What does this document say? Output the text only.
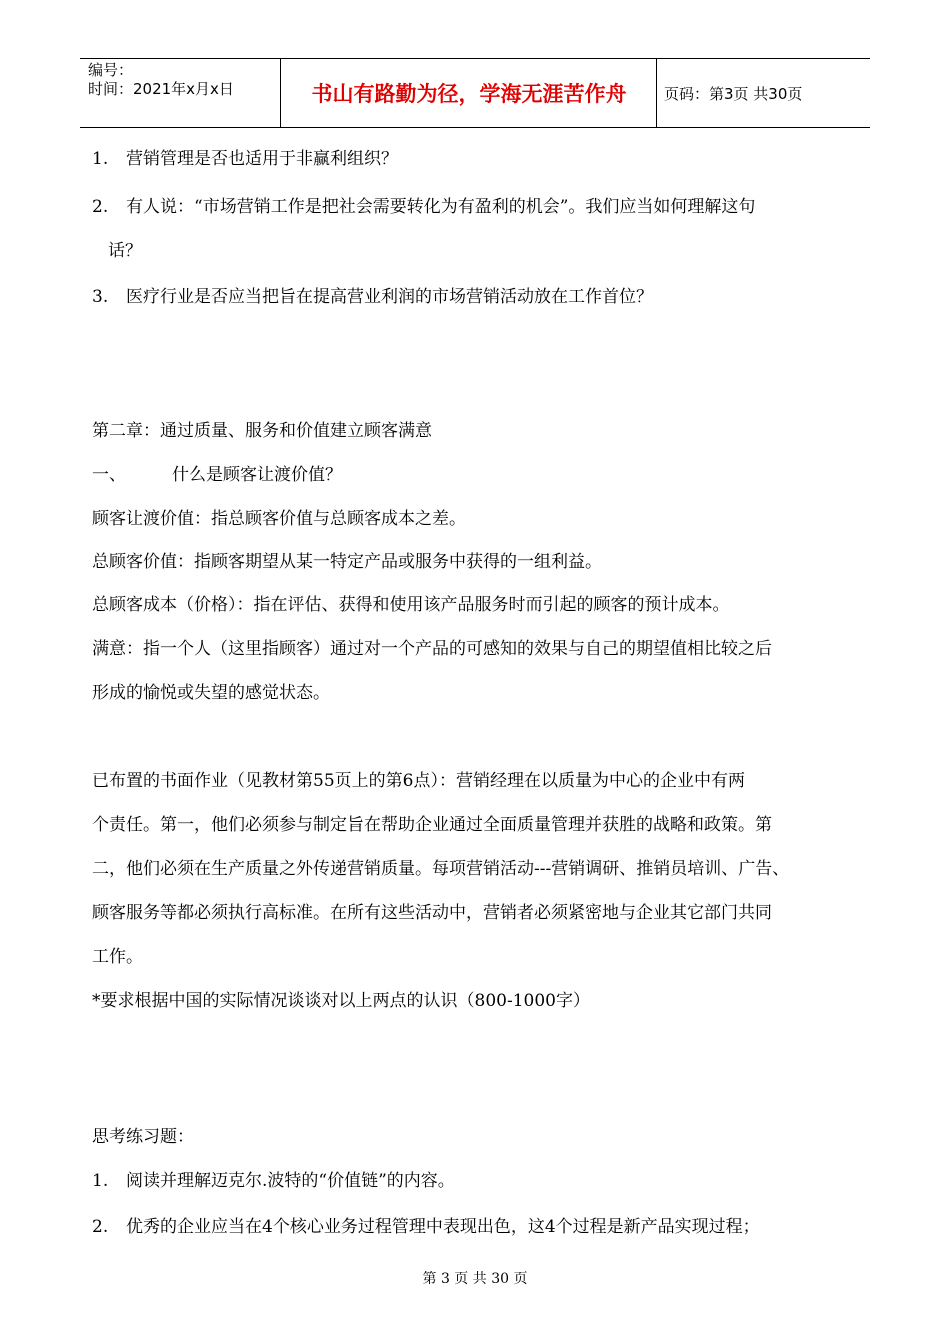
编号：
时间：2021年x月x日	书山有路勤为径，学海无涯苦作舟	页码：第3页 共30页
1. 营销管理是否也适用于非赢利组织？
2. 有人说：“市场营销工作是把社会需要转化为有盈利的机会”。我们应当如何理解这句
话？
3. 医疗行业是否应当把旨在提高营业利润的市场营销活动放在工作首位？
第二章：通过质量、服务和价值建立顾客满意
一、	什么是顾客让渡价值？
顾客让渡价值：指总顾客价值与总顾客成本之差。
总顾客价值：指顾客期望从某一特定产品或服务中获得的一组利益。
总顾客成本（价格）：指在评估、获得和使用该产品服务时而引起的顾客的预计成本。
满意：指一个人（这里指顾客）通过对一个产品的可感知的效果与自己的期望值相比较之后
形成的愉悦或失望的感觉状态。
已布置的书面作业（见教材第55页上的第6点）：营销经理在以质量为中心的企业中有两
个责任。第一，他们必须参与制定旨在帮助企业通过全面质量管理并获胜的战略和政策。第
二，他们必须在生产质量之外传递营销质量。每项营销活动---营销调研、推销员培训、广告、
顾客服务等都必须执行高标准。在所有这些活动中，营销者必须紧密地与企业其它部门共同
工作。
*要求根据中国的实际情况谈谈对以上两点的认识（800-1000字）
思考练习题：
1. 阅读并理解迈克尔.波特的“价值链”的内容。
2. 优秀的企业应当在4个核心业务过程管理中表现出色，这4个过程是新产品实现过程；
第 3 页 共 30 页
